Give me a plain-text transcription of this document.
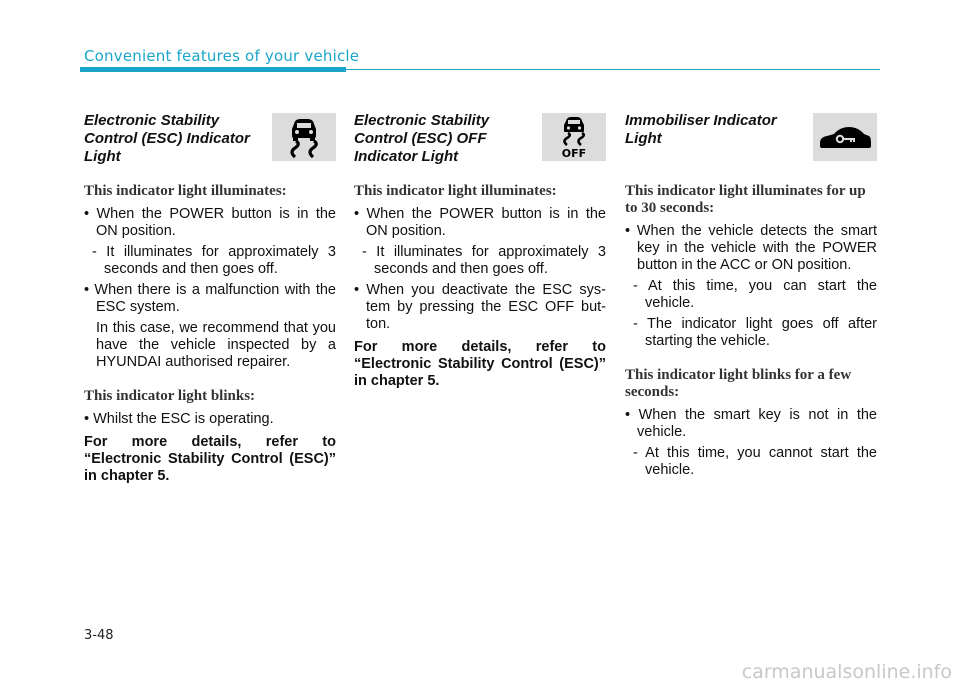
Convenient features of your vehicle
Electronic Stability Control (ESC) Indicator Light
This indicator light illuminates:
• When the POWER button is in the ON position.
- It illuminates for approximately 3 seconds and then goes off.
• When there is a malfunction with the ESC system.
In this case, we recommend that you have the vehicle inspected by a HYUNDAI authorised repairer.
This indicator light blinks:
• Whilst the ESC is operating.
For more details, refer to “Electronic Stability Control (ESC)” in chapter 5.
Electronic Stability Control (ESC) OFF Indicator Light	OFF
This indicator light illuminates:
• When the POWER button is in the ON position.
- It illuminates for approximately 3 seconds and then goes off.
• When you deactivate the ESC sys-tem by pressing the ESC OFF but-ton.
For more details, refer to “Electronic Stability Control (ESC)” in chapter 5.
Immobiliser Indicator Light
This indicator light illuminates for up to 30 seconds:
• When the vehicle detects the smart key in the vehicle with the POWER button in the ACC or ON position.
- At this time, you can start the vehicle.
- The indicator light goes off after starting the vehicle.
This indicator light blinks for a few seconds:
• When the smart key is not in the vehicle.
- At this time, you cannot start the vehicle.
3-48
carmanualsonline.info
